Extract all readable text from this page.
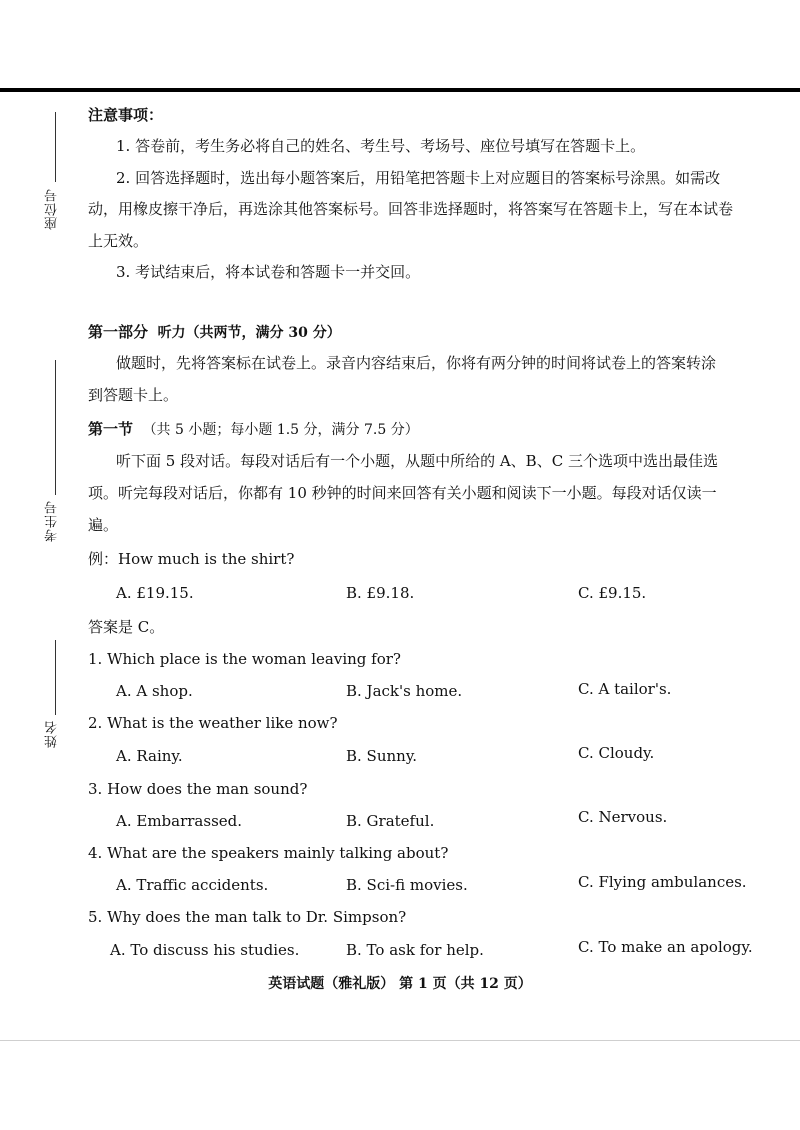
座位号
考生号
姓名
注意事项：
1. 答卷前，考生务必将自己的姓名、考生号、考场号、座位号填写在答题卡上。
2. 回答选择题时，选出每小题答案后，用铅笔把答题卡上对应题目的答案标号涂黑。如需改
动，用橡皮擦干净后，再选涂其他答案标号。回答非选择题时，将答案写在答题卡上，写在本试卷
上无效。
3. 考试结束后，将本试卷和答题卡一并交回。
第一部分 听力（共两节，满分 30 分）
做题时，先将答案标在试卷上。录音内容结束后，你将有两分钟的时间将试卷上的答案转涂
到答题卡上。
第一节 （共 5 小题；每小题 1.5 分，满分 7.5 分）
听下面 5 段对话。每段对话后有一个小题，从题中所给的 A、B、C 三个选项中选出最佳选
项。听完每段对话后，你都有 10 秒钟的时间来回答有关小题和阅读下一小题。每段对话仅读一
遍。
例：How much is the shirt?
A. £19.15.	B. £9.18.	C. £9.15.
答案是 C。
1. Which place is the woman leaving for?
A. A shop.	B. Jack's home.	C. A tailor's.
2. What is the weather like now?
A. Rainy.	B. Sunny.	C. Cloudy.
3. How does the man sound?
A. Embarrassed.	B. Grateful.	C. Nervous.
4. What are the speakers mainly talking about?
A. Traffic accidents.	B. Sci-fi movies.	C. Flying ambulances.
5. Why does the man talk to Dr. Simpson?
A. To discuss his studies.	B. To ask for help.	C. To make an apology.
英语试题（雅礼版） 第 1 页（共 12 页）
